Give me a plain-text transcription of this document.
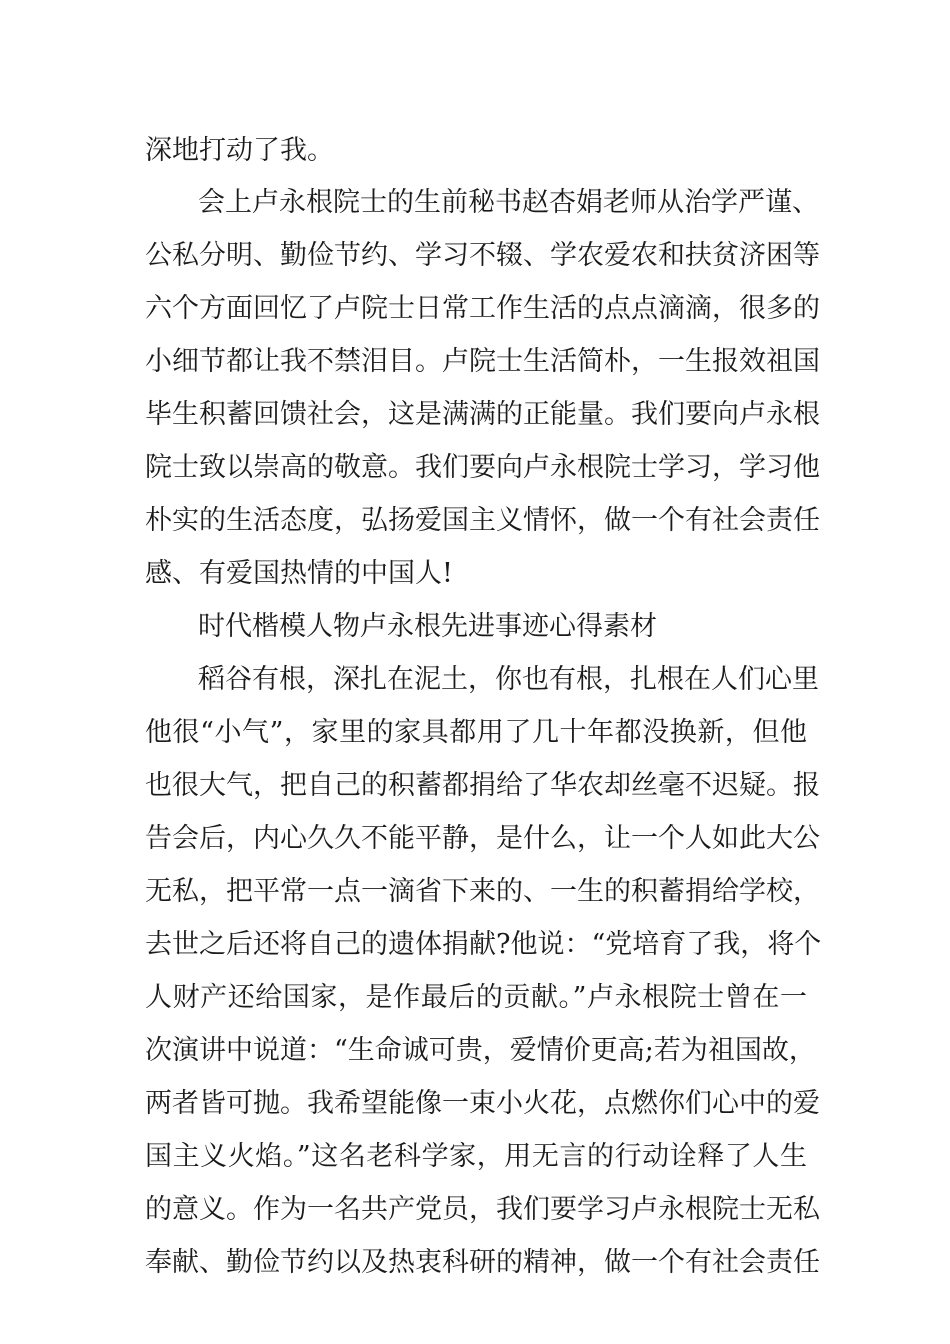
深地打动了我。
会上卢永根院士的生前秘书赵杏娟老师从治学严谨、
公私分明、勤俭节约、学习不辍、学农爱农和扶贫济困等
六个方面回忆了卢院士日常工作生活的点点滴滴，很多的
小细节都让我不禁泪目。卢院士生活简朴，一生报效祖国
毕生积蓄回馈社会，这是满满的正能量。我们要向卢永根
院士致以崇高的敬意。我们要向卢永根院士学习，学习他
朴实的生活态度，弘扬爱国主义情怀，做一个有社会责任
感、有爱国热情的中国人!
时代楷模人物卢永根先进事迹心得素材
稻谷有根，深扎在泥土，你也有根，扎根在人们心里
他很“小气”，家里的家具都用了几十年都没换新，但他
也很大气，把自己的积蓄都捐给了华农却丝毫不迟疑。报
告会后，内心久久不能平静，是什么，让一个人如此大公
无私，把平常一点一滴省下来的、一生的积蓄捐给学校，
去世之后还将自己的遗体捐献?他说：“党培育了我，将个
人财产还给国家，是作最后的贡献。”卢永根院士曾在一
次演讲中说道：“生命诚可贵，爱情价更高;若为祖国故，
两者皆可抛。我希望能像一束小火花，点燃你们心中的爱
国主义火焰。”这名老科学家，用无言的行动诠释了人生
的意义。作为一名共产党员，我们要学习卢永根院士无私
奉献、勤俭节约以及热衷科研的精神，做一个有社会责任
